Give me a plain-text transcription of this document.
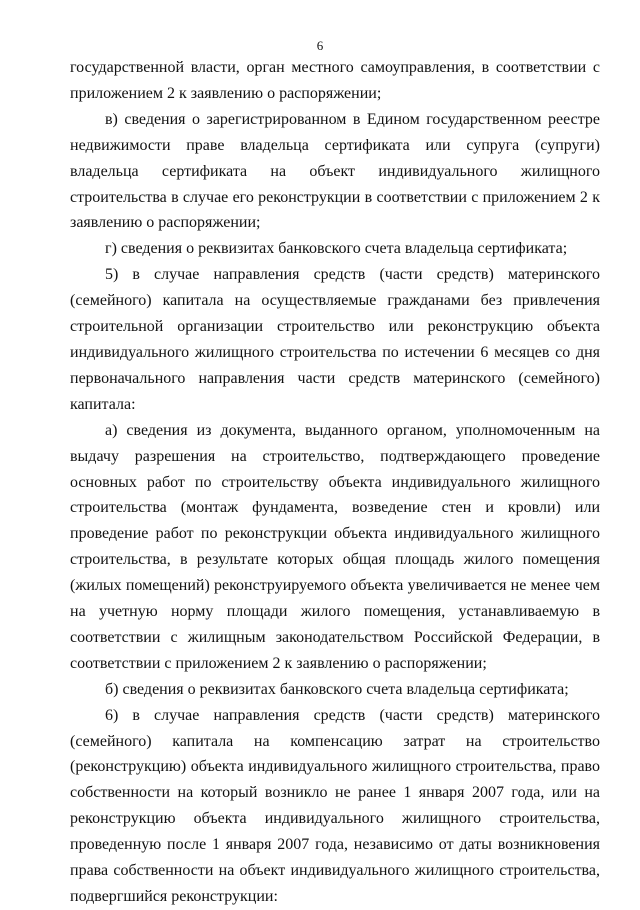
6

государственной власти, орган местного самоуправления, в соответствии с приложением 2 к заявлению о распоряжении;

в) сведения о зарегистрированном в Едином государственном реестре недвижимости праве владельца сертификата или супруга (супруги) владельца сертификата на объект индивидуального жилищного строительства в случае его реконструкции в соответствии с приложением 2 к заявлению о распоряжении;

г) сведения о реквизитах банковского счета владельца сертификата;

5) в случае направления средств (части средств) материнского (семейного) капитала на осуществляемые гражданами без привлечения строительной организации строительство или реконструкцию объекта индивидуального жилищного строительства по истечении 6 месяцев со дня первоначального направления части средств материнского (семейного) капитала:

а) сведения из документа, выданного органом, уполномоченным на выдачу разрешения на строительство, подтверждающего проведение основных работ по строительству объекта индивидуального жилищного строительства (монтаж фундамента, возведение стен и кровли) или проведение работ по реконструкции объекта индивидуального жилищного строительства, в результате которых общая площадь жилого помещения (жилых помещений) реконструируемого объекта увеличивается не менее чем на учетную норму площади жилого помещения, устанавливаемую в соответствии с жилищным законодательством Российской Федерации, в соответствии с приложением 2 к заявлению о распоряжении;

б) сведения о реквизитах банковского счета владельца сертификата;

6) в случае направления средств (части средств) материнского (семейного) капитала на компенсацию затрат на строительство (реконструкцию) объекта индивидуального жилищного строительства, право собственности на который возникло не ранее 1 января 2007 года, или на реконструкцию объекта индивидуального жилищного строительства, проведенную после 1 января 2007 года, независимо от даты возникновения права собственности на объект индивидуального жилищного строительства, подвергшийся реконструкции:
